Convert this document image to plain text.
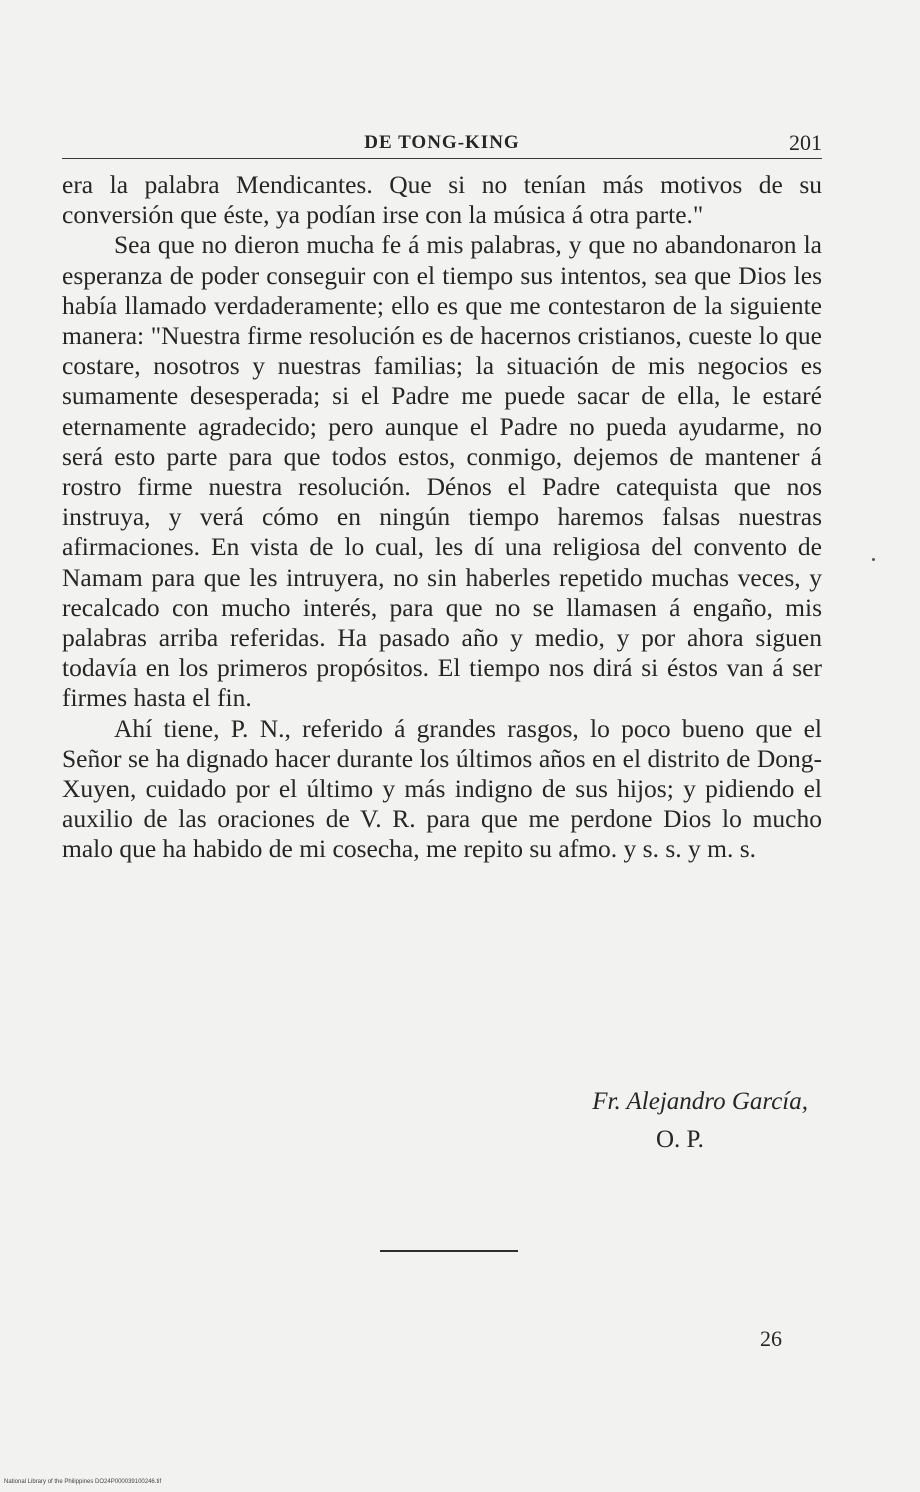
DE TONG-KING	201

era la palabra Mendicantes. Que si no tenían más motivos de su conversión que éste, ya podían irse con la música á otra parte."

Sea que no dieron mucha fe á mis palabras, y que no abandonaron la esperanza de poder conseguir con el tiempo sus intentos, sea que Dios les había llamado verdaderamente; ello es que me contestaron de la siguiente manera: "Nuestra firme resolución es de hacernos cristianos, cueste lo que costare, nosotros y nuestras familias; la situación de mis negocios es sumamente desesperada; si el Padre me puede sacar de ella, le estaré eternamente agradecido; pero aunque el Padre no pueda ayudarme, no será esto parte para que todos estos, conmigo, dejemos de mantener á rostro firme nuestra resolución. Dénos el Padre catequista que nos instruya, y verá cómo en ningún tiempo haremos falsas nuestras afirmaciones. En vista de lo cual, les dí una religiosa del convento de Namam para que les intruyera, no sin haberles repetido muchas veces, y recalcado con mucho interés, para que no se llamasen á engaño, mis palabras arriba referidas. Ha pasado año y medio, y por ahora siguen todavía en los primeros propósitos. El tiempo nos dirá si éstos van á ser firmes hasta el fin.

Ahí tiene, P. N., referido á grandes rasgos, lo poco bueno que el Señor se ha dignado hacer durante los últimos años en el distrito de Dong-Xuyen, cuidado por el último y más indigno de sus hijos; y pidiendo el auxilio de las oraciones de V. R. para que me perdone Dios lo mucho malo que ha habido de mi cosecha, me repito su afmo. y s. s. y m. s.

Fr. Alejandro García,
O. P.
26
National Library of the Philippines DO24P000039100246.tif
